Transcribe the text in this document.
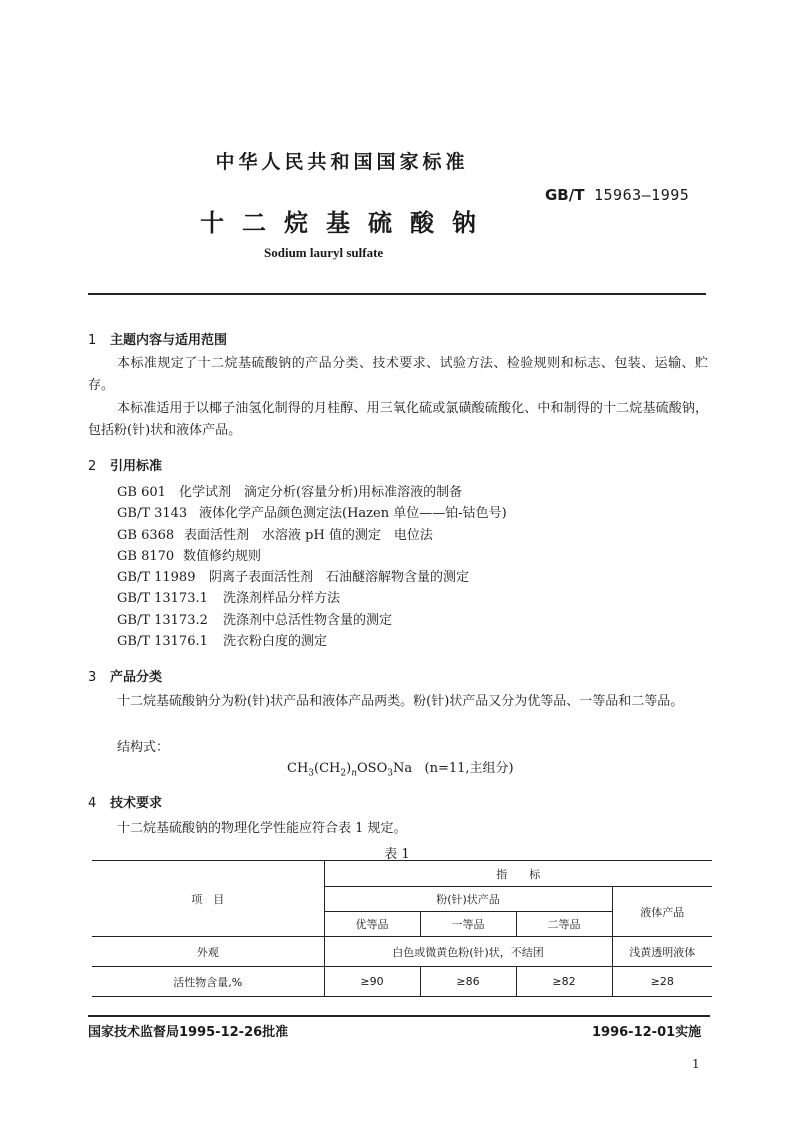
中华人民共和国国家标准
GB/T 15963—1995
十二烷基硫酸钠
Sodium lauryl sulfate
1 主题内容与适用范围
本标准规定了十二烷基硫酸钠的产品分类、技术要求、试验方法、检验规则和标志、包装、运输、贮存。
本标准适用于以椰子油氢化制得的月桂醇、用三氧化硫或氯磺酸硫酸化、中和制得的十二烷基硫酸钠，包括粉(针)状和液体产品。
2 引用标准
GB 601 化学试剂　滴定分析(容量分析)用标准溶液的制备
GB/T 3143 液体化学产品颜色测定法(Hazen 单位——铂-钴色号)
GB 6368 表面活性剂　水溶液 pH 值的测定　电位法
GB 8170 数值修约规则
GB/T 11989 阴离子表面活性剂　石油醚溶解物含量的测定
GB/T 13173.1 洗涤剂样品分样方法
GB/T 13173.2 洗涤剂中总活性物含量的测定
GB/T 13176.1 洗衣粉白度的测定
3 产品分类
十二烷基硫酸钠分为粉(针)状产品和液体产品两类。粉(针)状产品又分为优等品、一等品和二等品。
结构式：
$CH_3(CH_2)_nOSO_3Na$   (n=11,主组分)
4 技术要求
十二烷基硫酸钠的物理化学性能应符合表 1 规定。
表 1
项　目	指　　标			
	粉(针)状产品			液体产品
	优等品	一等品	二等品	
外观	白色或微黄色粉(针)状，不结团			浅黄透明液体
活性物含量,%	≥90	≥86	≥82	≥28
国家技术监督局1995-12-26批准	1996-12-01实施
1
